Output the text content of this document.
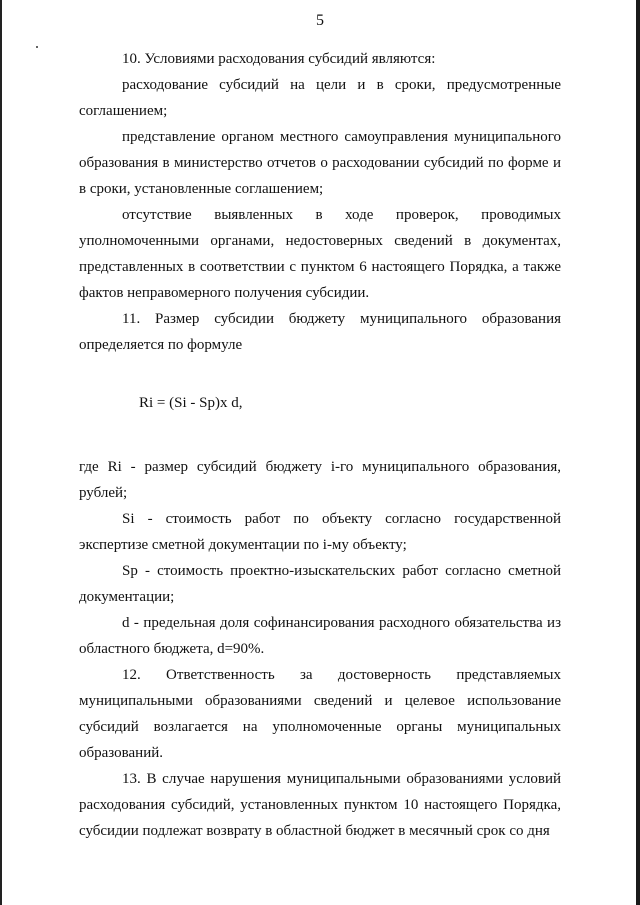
5

10. Условиями расходования субсидий являются:

расходование субсидий на цели и в сроки, предусмотренные соглашением;

представление органом местного самоуправления муниципального образования в министерство отчетов о расходовании субсидий по форме и в сроки, установленные соглашением;

отсутствие выявленных в ходе проверок, проводимых уполномоченными органами, недостоверных сведений в документах, представленных в соответствии с пунктом 6 настоящего Порядка, а также фактов неправомерного получения субсидии.

11. Размер субсидии бюджету муниципального образования определяется по формуле

Ri = (Si - Sp)x d,

где Ri - размер субсидий бюджету i-го муниципального образования, рублей;

Si - стоимость работ по объекту согласно государственной экспертизе сметной документации по i-му объекту;

Sp - стоимость проектно-изыскательских работ согласно сметной документации;

d - предельная доля софинансирования расходного обязательства из областного бюджета, d=90%.

12. Ответственность за достоверность представляемых муниципальными образованиями сведений и целевое использование субсидий возлагается на уполномоченные органы муниципальных образований.

13. В случае нарушения муниципальными образованиями условий расходования субсидий, установленных пунктом 10 настоящего Порядка, субсидии подлежат возврату в областной бюджет в месячный срок со дня
